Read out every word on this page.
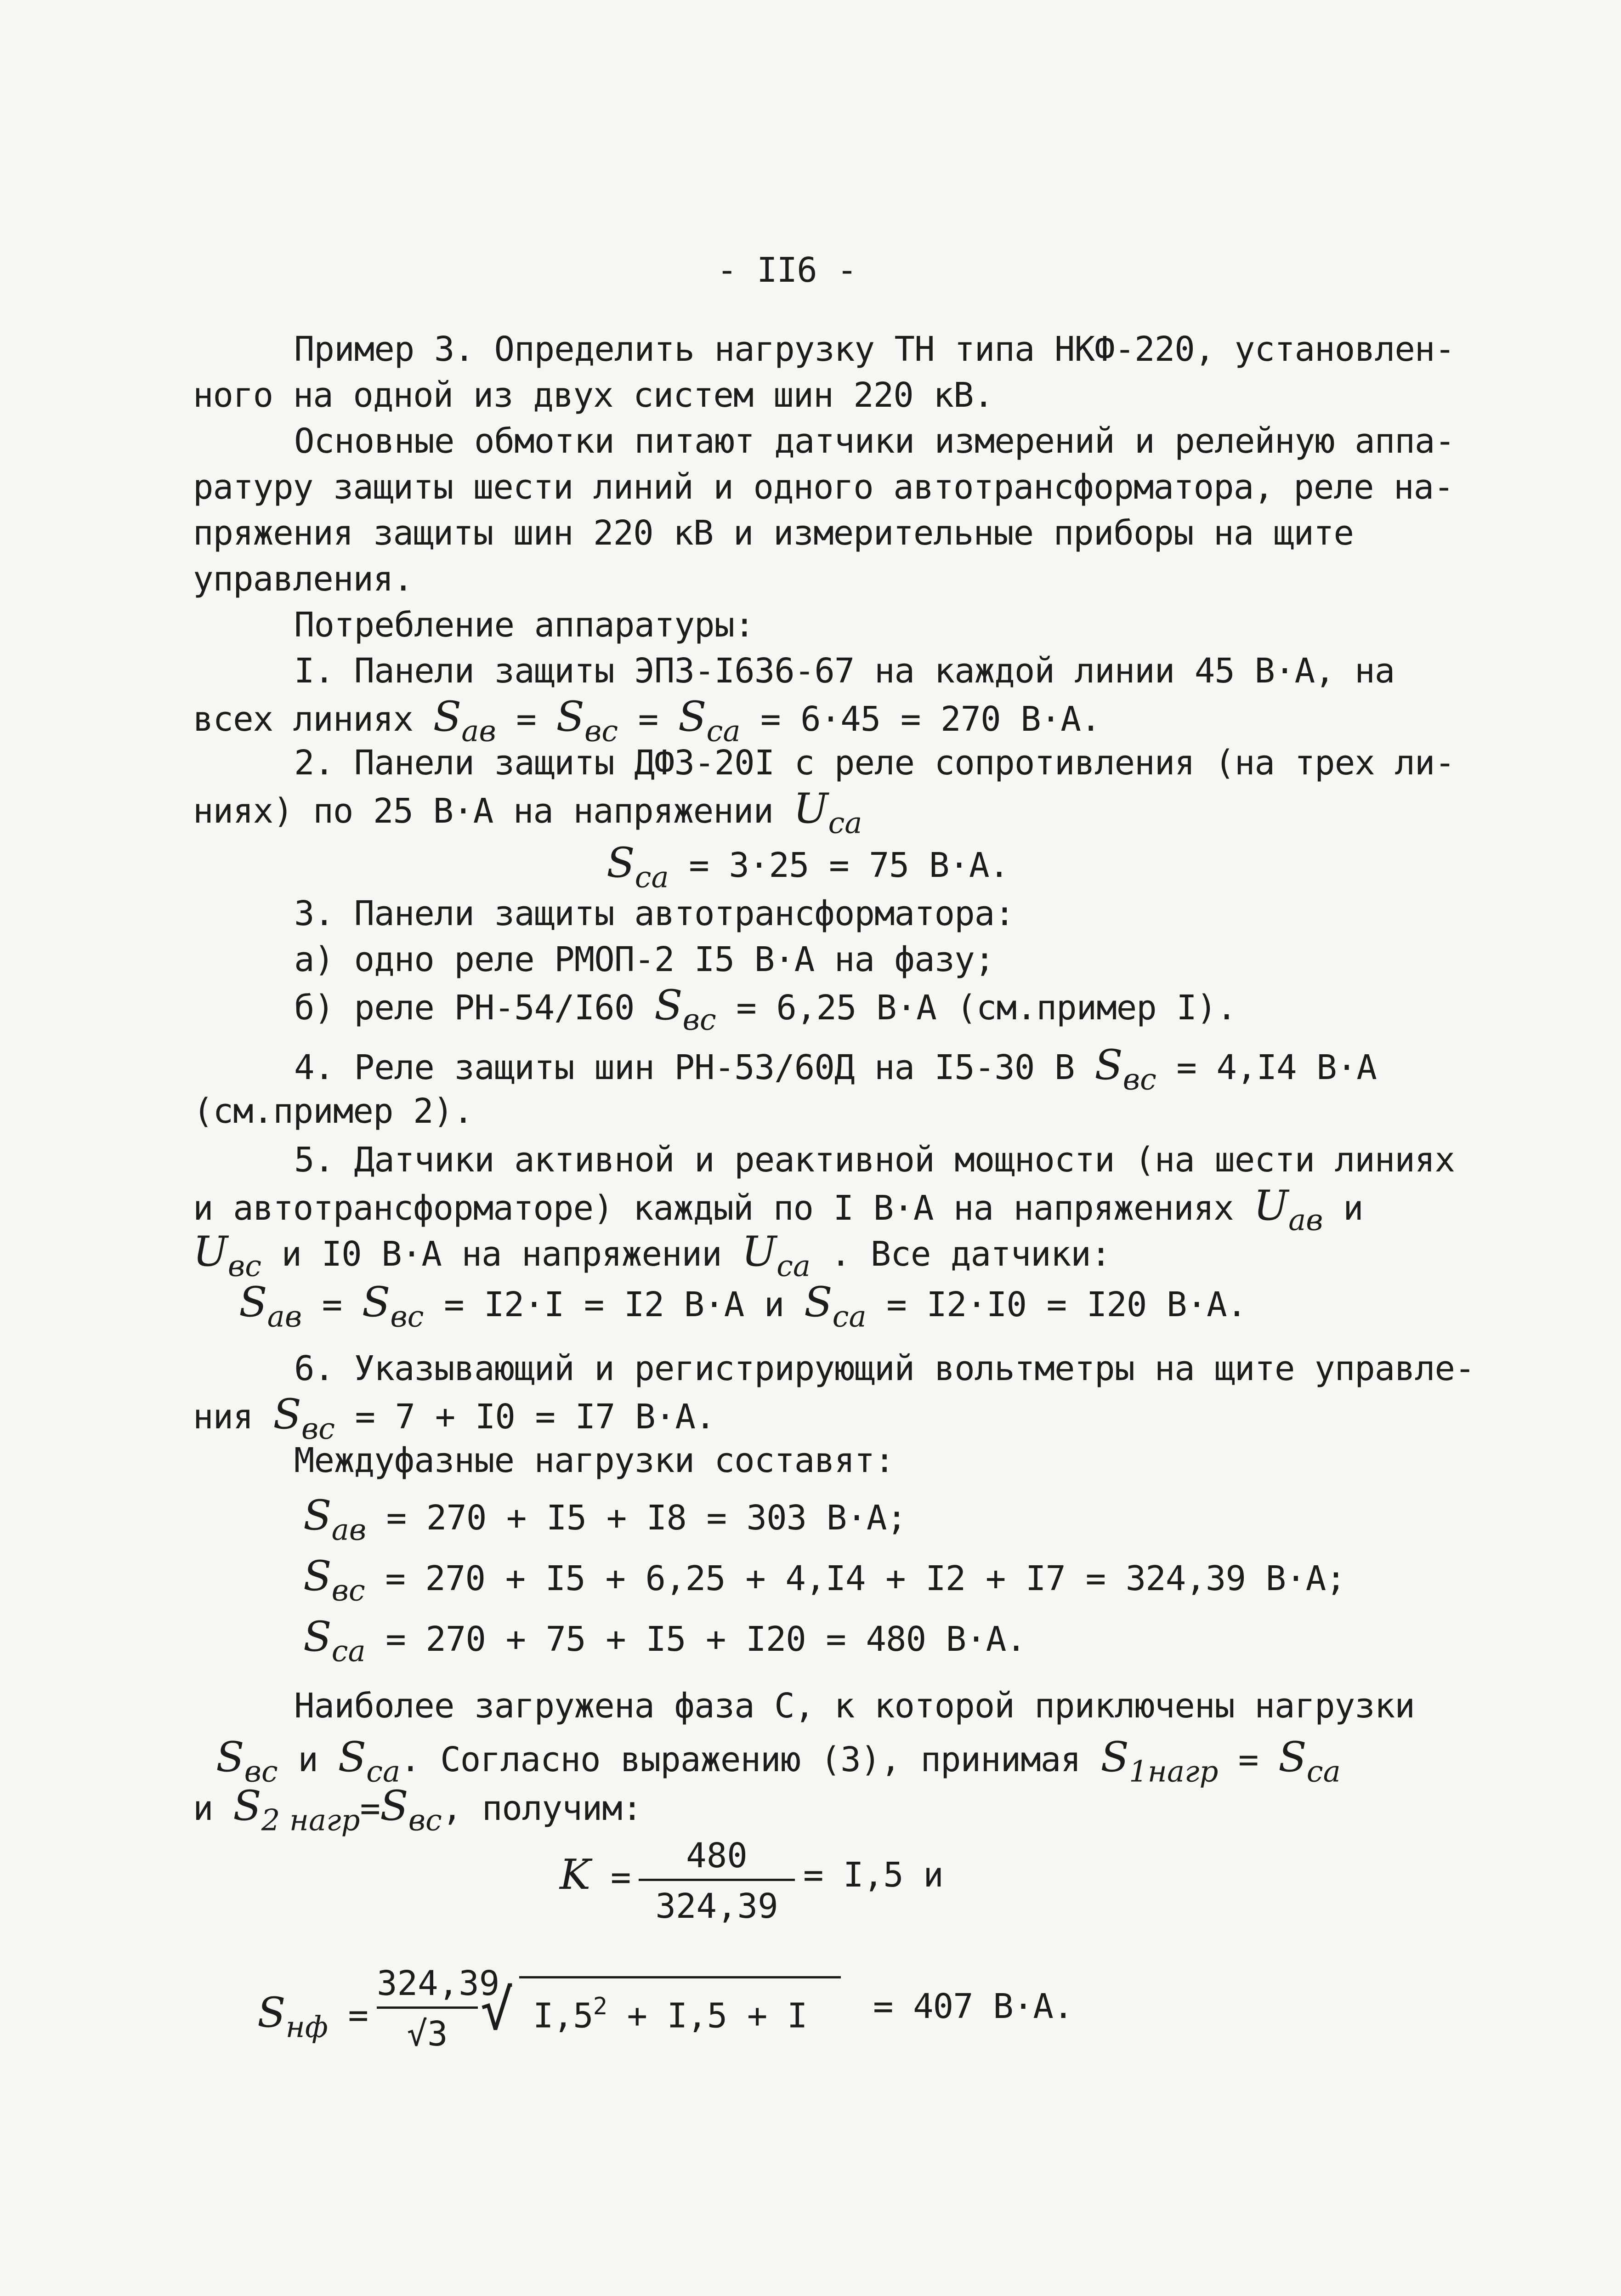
- II6 -
Пример 3. Определить нагрузку ТН типа НКФ-220, установлен-
ного на одной из двух систем шин 220 кВ.
Основные обмотки питают датчики измерений и релейную аппа-
ратуру защиты шести линий и одного автотрансформатора, реле на-
пряжения защиты шин 220 кВ и измерительные приборы на щите
управления.
Потребление аппаратуры:
I. Панели защиты ЭПЗ-I636-67 на каждой линии 45 В·А, на
всех линиях Saв = Sвс = Sca = 6·45 = 270 В·А.
2. Панели защиты ДФЗ-20I с реле сопротивления (на трех ли-
ниях) по 25 В·А на напряжении Uca
Sca = 3·25 = 75 В·А.
3. Панели защиты автотрансформатора:
а) одно реле РМОП-2 I5 В·А на фазу;
б) реле РН-54/I60 Sвс = 6,25 В·А (см.пример I).
4. Реле защиты шин РН-53/60Д на I5-30 В Sвс = 4,I4 В·А
(см.пример 2).
5. Датчики активной и реактивной мощности (на шести линиях
и автотрансформаторе) каждый по I В·А на напряжениях Uaв и
Uвс и I0 В·А на напряжении Uca . Все датчики:
Saв = Sвс = I2·I = I2 В·А и Sca = I2·I0 = I20 В·А.
6. Указывающий и регистрирующий вольтметры на щите управле-
ния Sвс = 7 + I0 = I7 В·А.
Междуфазные нагрузки составят:
Saв = 270 + I5 + I8 = 303 В·А;
Sвс = 270 + I5 + 6,25 + 4,I4 + I2 + I7 = 324,39 В·А;
Sca = 270 + 75 + I5 + I20 = 480 В·А.
Наиболее загружена фаза С, к которой приключены нагрузки
Sвс и Sca. Согласно выражению (3), принимая S1нагр = Sca
и S2 нагр=Sвс, получим:
K =
480
324,39
= I,5 и
Sнф =
324,39
√3 √ $I,5^2 + I,5 + I = 407$ В·А.
